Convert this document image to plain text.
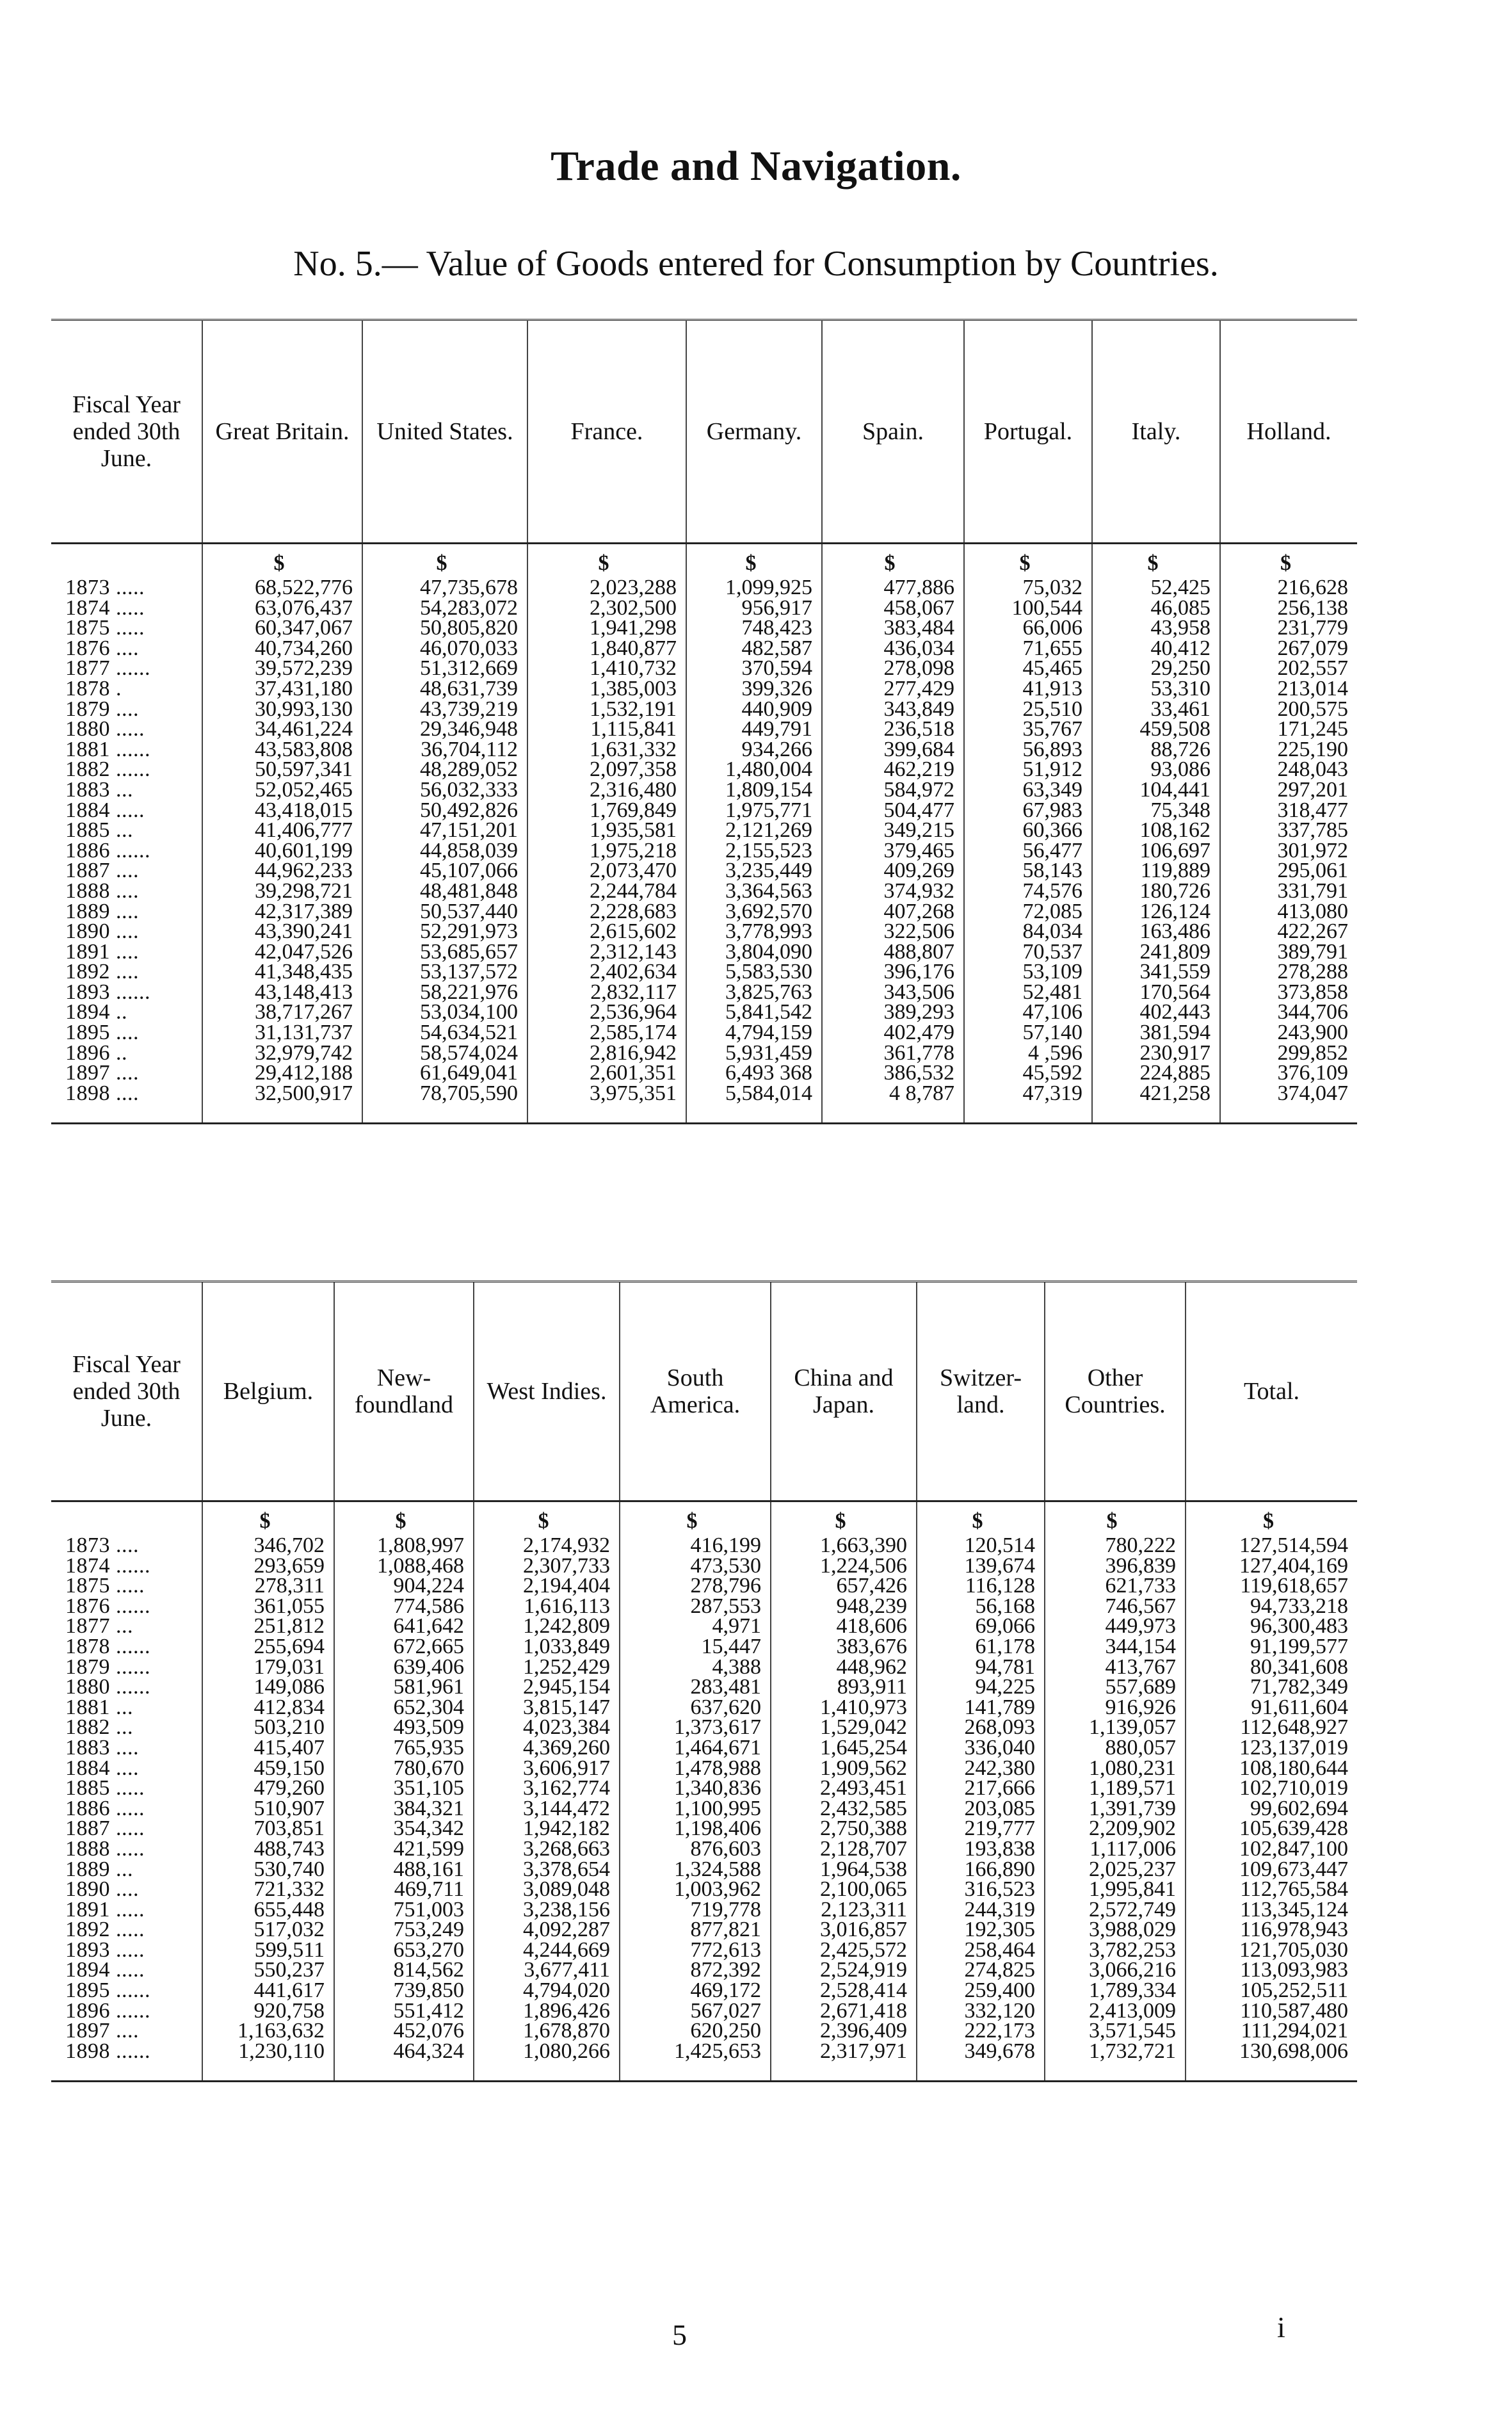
Trade and Navigation.
No. 5.— Value of Goods entered for Consumption by Countries.

Fiscal Year ended 30th June.	Great Britain.	United States.	France.	Germany.	Spain.	Portugal.	Italy.	Holland.
	$	$	$	$	$	$	$	$
1873 .....	68,522,776	47,735,678	2,023,288	1,099,925	477,886	75,032	52,425	216,628
1874 .....	63,076,437	54,283,072	2,302,500	956,917	458,067	100,544	46,085	256,138
1875 .....	60,347,067	50,805,820	1,941,298	748,423	383,484	66,006	43,958	231,779
1876 ....	40,734,260	46,070,033	1,840,877	482,587	436,034	71,655	40,412	267,079
1877 ......	39,572,239	51,312,669	1,410,732	370,594	278,098	45,465	29,250	202,557
1878 .	37,431,180	48,631,739	1,385,003	399,326	277,429	41,913	53,310	213,014
1879 ....	30,993,130	43,739,219	1,532,191	440,909	343,849	25,510	33,461	200,575
1880 .....	34,461,224	29,346,948	1,115,841	449,791	236,518	35,767	459,508	171,245
1881 ......	43,583,808	36,704,112	1,631,332	934,266	399,684	56,893	88,726	225,190
1882 ......	50,597,341	48,289,052	2,097,358	1,480,004	462,219	51,912	93,086	248,043
1883 ...	52,052,465	56,032,333	2,316,480	1,809,154	584,972	63,349	104,441	297,201
1884 .....	43,418,015	50,492,826	1,769,849	1,975,771	504,477	67,983	75,348	318,477
1885 ...	41,406,777	47,151,201	1,935,581	2,121,269	349,215	60,366	108,162	337,785
1886 ......	40,601,199	44,858,039	1,975,218	2,155,523	379,465	56,477	106,697	301,972
1887 ....	44,962,233	45,107,066	2,073,470	3,235,449	409,269	58,143	119,889	295,061
1888 ....	39,298,721	48,481,848	2,244,784	3,364,563	374,932	74,576	180,726	331,791
1889 ....	42,317,389	50,537,440	2,228,683	3,692,570	407,268	72,085	126,124	413,080
1890 ....	43,390,241	52,291,973	2,615,602	3,778,993	322,506	84,034	163,486	422,267
1891 ....	42,047,526	53,685,657	2,312,143	3,804,090	488,807	70,537	241,809	389,791
1892 ....	41,348,435	53,137,572	2,402,634	5,583,530	396,176	53,109	341,559	278,288
1893 ......	43,148,413	58,221,976	2,832,117	3,825,763	343,506	52,481	170,564	373,858
1894 ..	38,717,267	53,034,100	2,536,964	5,841,542	389,293	47,106	402,443	344,706
1895 ....	31,131,737	54,634,521	2,585,174	4,794,159	402,479	57,140	381,594	243,900
1896 ..	32,979,742	58,574,024	2,816,942	5,931,459	361,778	4 ,596	230,917	299,852
1897 ....	29,412,188	61,649,041	2,601,351	6,493 368	386,532	45,592	224,885	376,109
1898 ....	32,500,917	78,705,590	3,975,351	5,584,014	4 8,787	47,319	421,258	374,047

Fiscal Year ended 30th June.	Belgium.	New- foundland	West Indies.	South America.	China and Japan.	Switzer- land.	Other Countries.	Total.
	$	$	$	$	$	$	$	$
1873 ....	346,702	1,808,997	2,174,932	416,199	1,663,390	120,514	780,222	127,514,594
1874 ......	293,659	1,088,468	2,307,733	473,530	1,224,506	139,674	396,839	127,404,169
1875 .....	278,311	904,224	2,194,404	278,796	657,426	116,128	621,733	119,618,657
1876 ......	361,055	774,586	1,616,113	287,553	948,239	56,168	746,567	94,733,218
1877 ...	251,812	641,642	1,242,809	4,971	418,606	69,066	449,973	96,300,483
1878 ......	255,694	672,665	1,033,849	15,447	383,676	61,178	344,154	91,199,577
1879 ......	179,031	639,406	1,252,429	4,388	448,962	94,781	413,767	80,341,608
1880 ......	149,086	581,961	2,945,154	283,481	893,911	94,225	557,689	71,782,349
1881 ...	412,834	652,304	3,815,147	637,620	1,410,973	141,789	916,926	91,611,604
1882 ...	503,210	493,509	4,023,384	1,373,617	1,529,042	268,093	1,139,057	112,648,927
1883 ....	415,407	765,935	4,369,260	1,464,671	1,645,254	336,040	880,057	123,137,019
1884 ....	459,150	780,670	3,606,917	1,478,988	1,909,562	242,380	1,080,231	108,180,644
1885 .....	479,260	351,105	3,162,774	1,340,836	2,493,451	217,666	1,189,571	102,710,019
1886 .....	510,907	384,321	3,144,472	1,100,995	2,432,585	203,085	1,391,739	99,602,694
1887 .....	703,851	354,342	1,942,182	1,198,406	2,750,388	219,777	2,209,902	105,639,428
1888 .....	488,743	421,599	3,268,663	876,603	2,128,707	193,838	1,117,006	102,847,100
1889 ...	530,740	488,161	3,378,654	1,324,588	1,964,538	166,890	2,025,237	109,673,447
1890 ....	721,332	469,711	3,089,048	1,003,962	2,100,065	316,523	1,995,841	112,765,584
1891 .....	655,448	751,003	3,238,156	719,778	2,123,311	244,319	2,572,749	113,345,124
1892 .....	517,032	753,249	4,092,287	877,821	3,016,857	192,305	3,988,029	116,978,943
1893 .....	599,511	653,270	4,244,669	772,613	2,425,572	258,464	3,782,253	121,705,030
1894 .....	550,237	814,562	3,677,411	872,392	2,524,919	274,825	3,066,216	113,093,983
1895 ......	441,617	739,850	4,794,020	469,172	2,528,414	259,400	1,789,334	105,252,511
1896 ......	920,758	551,412	1,896,426	567,027	2,671,418	332,120	2,413,009	110,587,480
1897 ....	1,163,632	452,076	1,678,870	620,250	2,396,409	222,173	3,571,545	111,294,021
1898 ......	1,230,110	464,324	1,080,266	1,425,653	2,317,971	349,678	1,732,721	130,698,006

5	i
